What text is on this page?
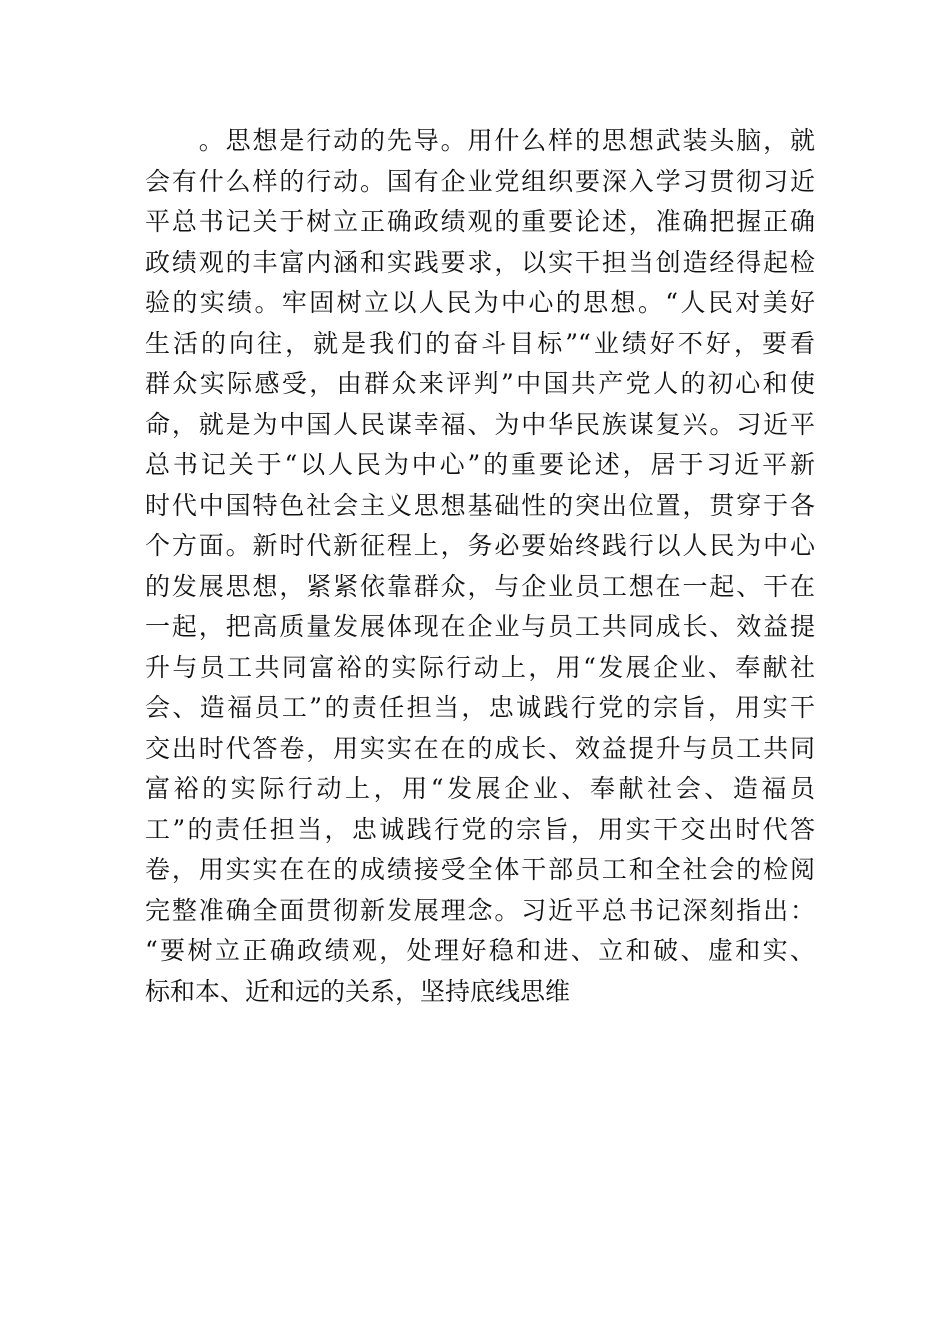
　　。思想是行动的先导。用什么样的思想武装头脑，就
会有什么样的行动。国有企业党组织要深入学习贯彻习近
平总书记关于树立正确政绩观的重要论述，准确把握正确
政绩观的丰富内涵和实践要求，以实干担当创造经得起检
验的实绩。牢固树立以人民为中心的思想。“人民对美好
生活的向往，就是我们的奋斗目标”“业绩好不好，要看
群众实际感受，由群众来评判”中国共产党人的初心和使
命，就是为中国人民谋幸福、为中华民族谋复兴。习近平
总书记关于“以人民为中心”的重要论述，居于习近平新
时代中国特色社会主义思想基础性的突出位置，贯穿于各
个方面。新时代新征程上，务必要始终践行以人民为中心
的发展思想，紧紧依靠群众，与企业员工想在一起、干在
一起，把高质量发展体现在企业与员工共同成长、效益提
升与员工共同富裕的实际行动上，用“发展企业、奉献社
会、造福员工”的责任担当，忠诚践行党的宗旨，用实干
交出时代答卷，用实实在在的成长、效益提升与员工共同
富裕的实际行动上，用“发展企业、奉献社会、造福员
工”的责任担当，忠诚践行党的宗旨，用实干交出时代答
卷，用实实在在的成绩接受全体干部员工和全社会的检阅
完整准确全面贯彻新发展理念。习近平总书记深刻指出：
“要树立正确政绩观，处理好稳和进、立和破、虚和实、
标和本、近和远的关系，坚持底线思维
